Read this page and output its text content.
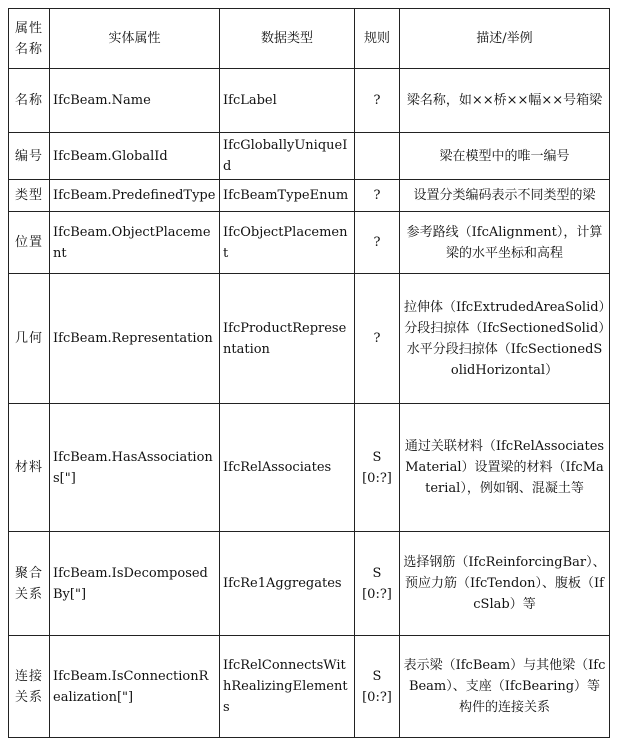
属性名称	实体属性	数据类型	规则	描述/举例
名称	IfcBeam.Name	IfcLabel	?	梁名称，如××桥××幅××号箱梁
编号	IfcBeam.GlobalId	IfcGloballyUniqueId		梁在模型中的唯一编号
类型	IfcBeam.PredefinedType	IfcBeamTypeEnum	?	设置分类编码表示不同类型的梁
位置	IfcBeam.ObjectPlacement	IfcObjectPlacement	?	参考路线（IfcAlignment），计算梁的水平坐标和高程
几何	IfcBeam.Representation	IfcProductRepresentation	?	拉伸体（IfcExtrudedAreaSolid）分段扫掠体（IfcSectionedSolid）水平分段扫掠体（IfcSectionedSolidHorizontal）
材料	IfcBeam.HasAssociations["]	IfcRelAssociates	S[0:?]	通过关联材料（IfcRelAssociatesMaterial）设置梁的材料（IfcMaterial），例如钢、混凝土等
聚合关系	IfcBeam.IsDecomposedBy["]	IfcRe1Aggregates	S[0:?]	选择钢筋（IfcReinforcingBar）、预应力筋（IfcTendon）、腹板（IfcSlab）等
连接关系	IfcBeam.IsConnectionRealization["]	IfcRelConnectsWithRealizingElements	S[0:?]	表示梁（IfcBeam）与其他梁（IfcBeam）、支座（IfcBearing）等构件的连接关系
